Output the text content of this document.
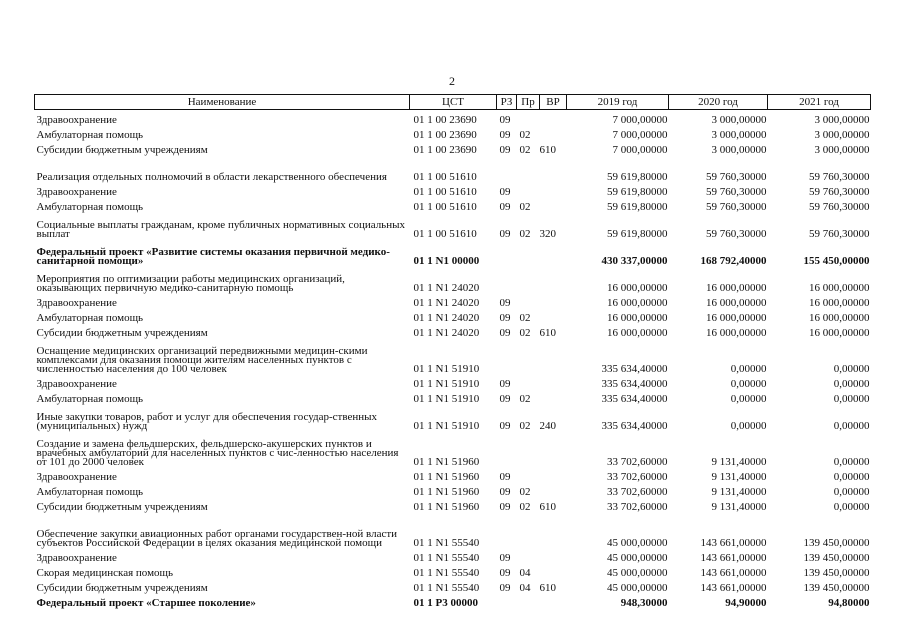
2
Наименование	ЦСТ	РЗ	Пр	ВР	2019 год	2020 год	2021 год
Здравоохранение	01 1 00 23690	09			7 000,00000	3 000,00000	3 000,00000
Амбулаторная помощь	01 1 00 23690	09	02		7 000,00000	3 000,00000	3 000,00000
Субсидии бюджетным учреждениям	01 1 00 23690	09	02	610	7 000,00000	3 000,00000	3 000,00000
Реализация отдельных полномочий в области лекарственного обеспечения	01 1 00 51610				59 619,80000	59 760,30000	59 760,30000
Здравоохранение	01 1 00 51610	09			59 619,80000	59 760,30000	59 760,30000
Амбулаторная помощь	01 1 00 51610	09	02		59 619,80000	59 760,30000	59 760,30000
Социальные выплаты гражданам, кроме публичных нормативных социальных выплат	01 1 00 51610	09	02	320	59 619,80000	59 760,30000	59 760,30000
Федеральный проект «Развитие системы оказания первичной медико-санитарной помощи»	01 1 N1 00000				430 337,00000	168 792,40000	155 450,00000
Мероприятия по оптимизации работы медицинских организаций, оказывающих первичную медико-санитарную помощь	01 1 N1 24020				16 000,00000	16 000,00000	16 000,00000
Здравоохранение	01 1 N1 24020	09			16 000,00000	16 000,00000	16 000,00000
Амбулаторная помощь	01 1 N1 24020	09	02		16 000,00000	16 000,00000	16 000,00000
Субсидии бюджетным учреждениям	01 1 N1 24020	09	02	610	16 000,00000	16 000,00000	16 000,00000
Оснащение медицинских организаций передвижными медицин-скими комплексами для оказания помощи жителям населенных пунктов с численностью населения до 100 человек	01 1 N1 51910				335 634,40000	0,00000	0,00000
Здравоохранение	01 1 N1 51910	09			335 634,40000	0,00000	0,00000
Амбулаторная помощь	01 1 N1 51910	09	02		335 634,40000	0,00000	0,00000
Иные закупки товаров, работ и услуг для обеспечения государ-ственных (муниципальных) нужд	01 1 N1 51910	09	02	240	335 634,40000	0,00000	0,00000
Создание и замена фельдшерских, фельдшерско-акушерских пунктов и врачебных амбулаторий для населенных пунктов с чис-ленностью населения от 101 до 2000 человек	01 1 N1 51960				33 702,60000	9 131,40000	0,00000
Здравоохранение	01 1 N1 51960	09			33 702,60000	9 131,40000	0,00000
Амбулаторная помощь	01 1 N1 51960	09	02		33 702,60000	9 131,40000	0,00000
Субсидии бюджетным учреждениям	01 1 N1 51960	09	02	610	33 702,60000	9 131,40000	0,00000
Обеспечение закупки авиационных работ органами государствен-ной власти субъектов Российской Федерации в целях оказания медицинской помощи	01 1 N1 55540				45 000,00000	143 661,00000	139 450,00000
Здравоохранение	01 1 N1 55540	09			45 000,00000	143 661,00000	139 450,00000
Скорая медицинская помощь	01 1 N1 55540	09	04		45 000,00000	143 661,00000	139 450,00000
Субсидии бюджетным учреждениям	01 1 N1 55540	09	04	610	45 000,00000	143 661,00000	139 450,00000
Федеральный проект «Старшее поколение»	01 1 P3 00000				948,30000	94,90000	94,80000
